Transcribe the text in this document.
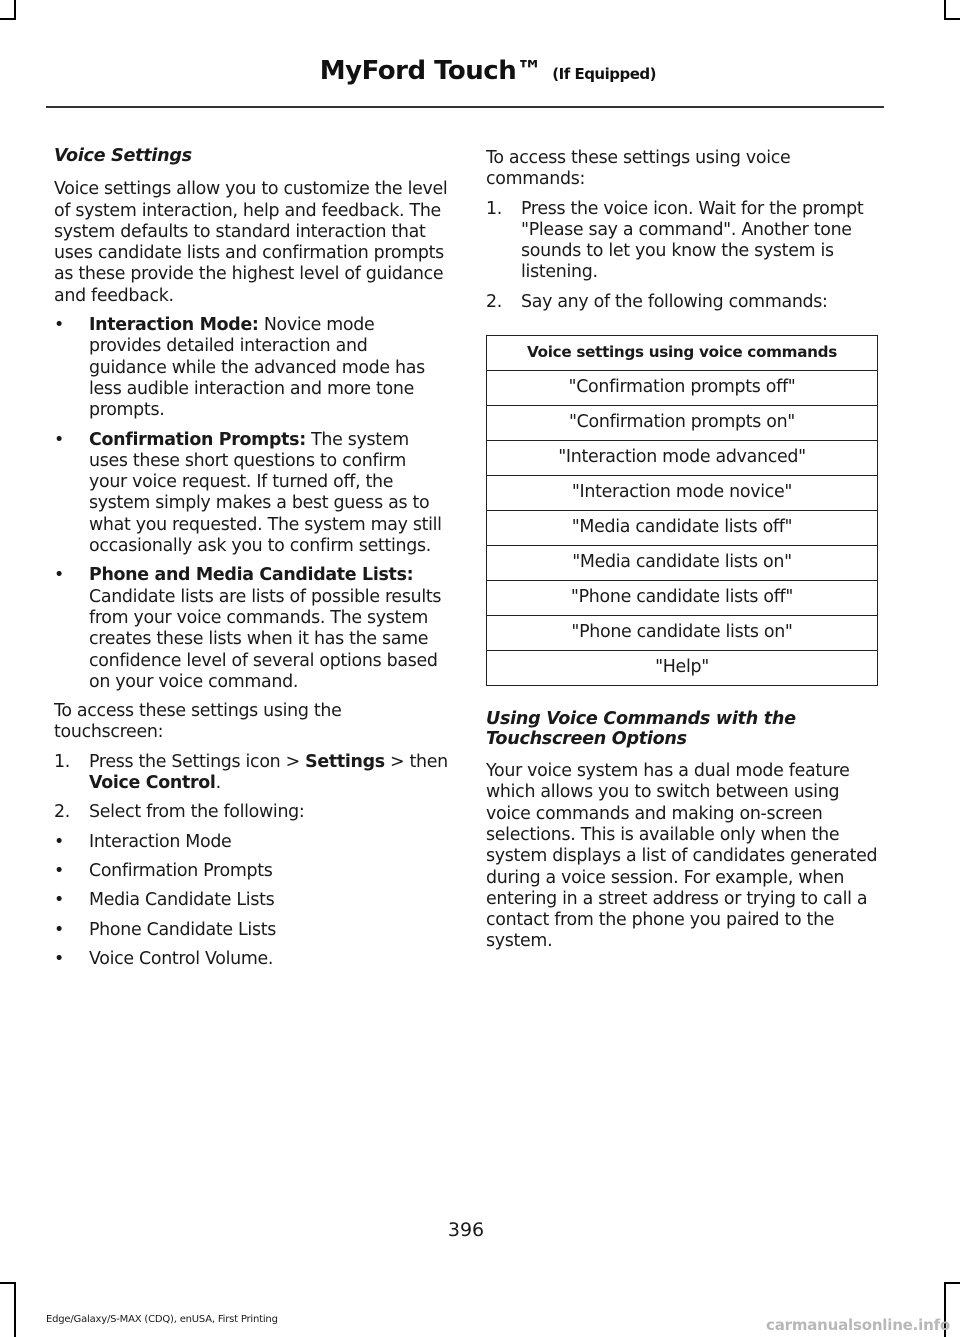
MyFord Touch™ (If Equipped)
Voice Settings

Voice settings allow you to customize the level of system interaction, help and feedback. The system defaults to standard interaction that uses candidate lists and confirmation prompts as these provide the highest level of guidance and feedback.

• Interaction Mode: Novice mode provides detailed interaction and guidance while the advanced mode has less audible interaction and more tone prompts.
• Confirmation Prompts: The system uses these short questions to confirm your voice request. If turned off, the system simply makes a best guess as to what you requested. The system may still occasionally ask you to confirm settings.
• Phone and Media Candidate Lists: Candidate lists are lists of possible results from your voice commands. The system creates these lists when it has the same confidence level of several options based on your voice command.

To access these settings using the touchscreen:

1. Press the Settings icon > Settings > then Voice Control.
2. Select from the following:
• Interaction Mode
• Confirmation Prompts
• Media Candidate Lists
• Phone Candidate Lists
• Voice Control Volume.

To access these settings using voice commands:

1. Press the voice icon. Wait for the prompt "Please say a command". Another tone sounds to let you know the system is listening.
2. Say any of the following commands:
Voice settings using voice commands
"Confirmation prompts off"
"Confirmation prompts on"
"Interaction mode advanced"
"Interaction mode novice"
"Media candidate lists off"
"Media candidate lists on"
"Phone candidate lists off"
"Phone candidate lists on"
"Help"
Using Voice Commands with the Touchscreen Options

Your voice system has a dual mode feature which allows you to switch between using voice commands and making on-screen selections. This is available only when the system displays a list of candidates generated during a voice session. For example, when entering in a street address or trying to call a contact from the phone you paired to the system.

396
Edge/Galaxy/S-MAX (CDQ), enUSA, First Printing	carmanualsonline.info
